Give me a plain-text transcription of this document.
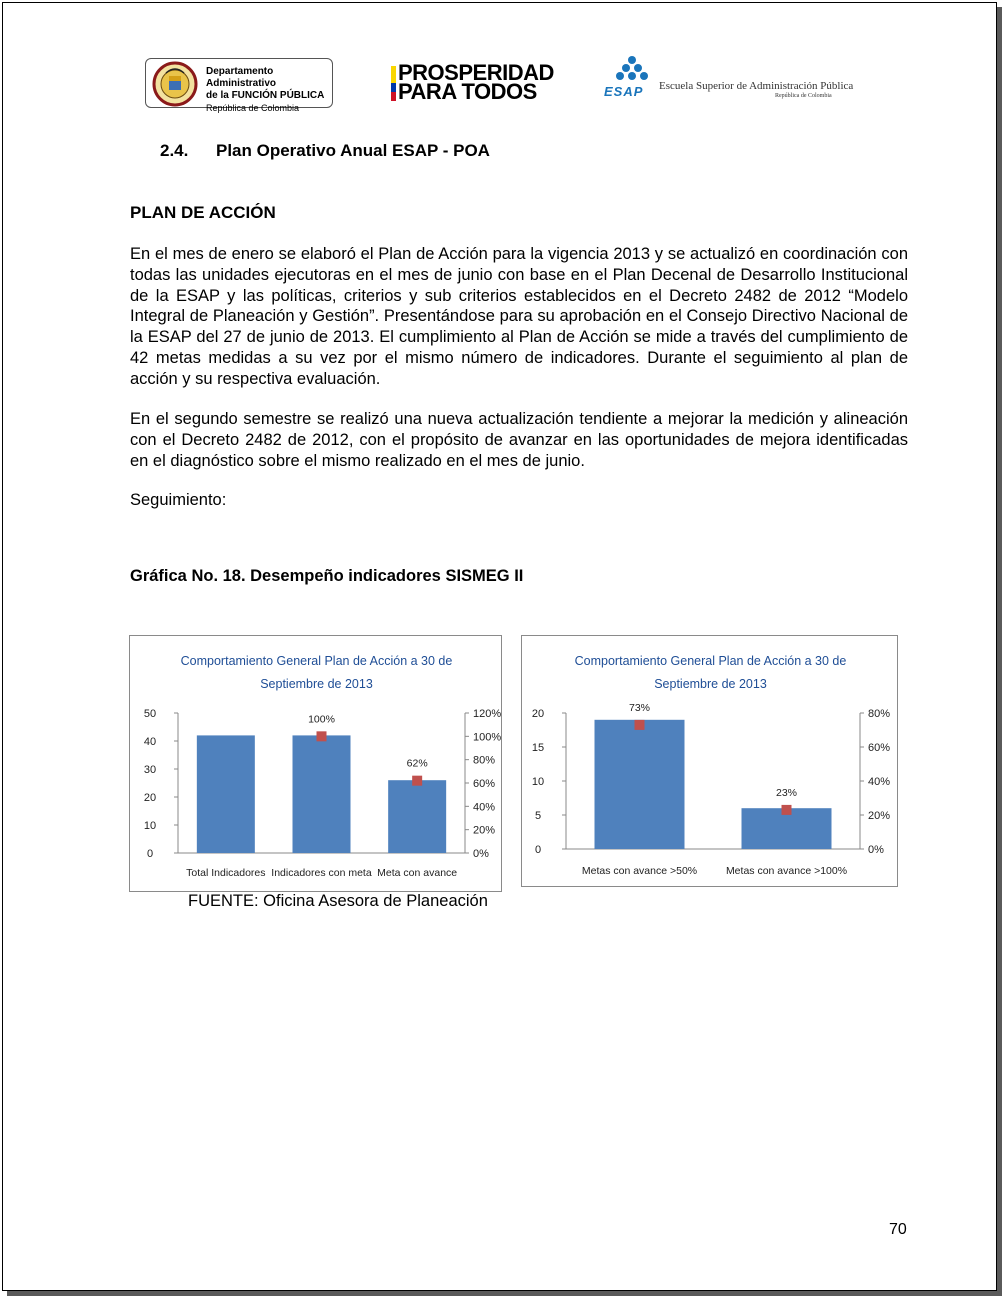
Departamento Administrativo
de la FUNCIÓN PÚBLICA
República de Colombia
PROSPERIDAD
PARA TODOS	ESAP Escuela Superior de Administración Pública
República de Colombia
2.4. Plan Operativo Anual ESAP - POA
PLAN DE ACCIÓN
En el mes de enero se elaboró el Plan de Acción para la vigencia 2013 y se actualizó en coordinación con todas las unidades ejecutoras en el mes de junio con base en el Plan Decenal de Desarrollo Institucional de la ESAP y las políticas, criterios y sub criterios establecidos en el Decreto 2482 de 2012 “Modelo Integral de Planeación y Gestión”. Presentándose para su aprobación en el Consejo Directivo Nacional de la ESAP del 27 de junio de 2013. El cumplimiento al Plan de Acción se mide a través del cumplimiento de 42 metas medidas a su vez por el mismo número de indicadores. Durante el seguimiento al plan de acción y su respectiva evaluación.
En el segundo semestre se realizó una nueva actualización tendiente a mejorar la medición y alineación con el Decreto 2482 de 2012, con el propósito de avanzar en las oportunidades de mejora identificadas en el diagnóstico sobre el mismo realizado en el mes de junio.
Seguimiento:
Gráfica No. 18. Desempeño indicadores SISMEG II
Comportamiento General Plan de Acción a 30 de
Septiembre de 2013
0
10
20
30
40
50
0%
20%
40%
60%
80%
100%
120%
Total Indicadores Indicadores con meta
100%
Meta con avance
62%
Comportamiento General Plan de Acción a 30 de
Septiembre de 2013
0
5
10
15
20
0%
20%
40%
60%
80%
Metas con avance >50%
73%
Metas con avance >100%
23%
FUENTE: Oficina Asesora de Planeación
70
